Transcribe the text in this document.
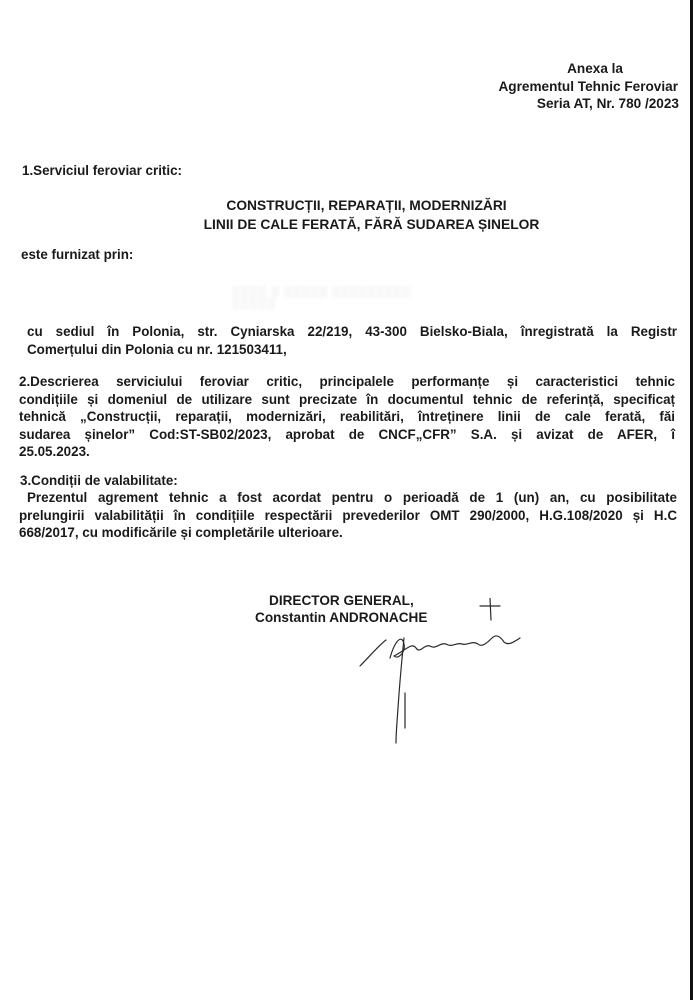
Anexa la
Agrementul Tehnic Feroviar
Seria AT, Nr. 780 /2023
1.Serviciul feroviar critic:
CONSTRUCȚII, REPARAȚII, MODERNIZĂRI
LINII DE CALE FERATĂ, FĂRĂ SUDAREA ȘINELOR
este furnizat prin:
▒▒▒▒ ▒ ▒▒▒▒▒ ▒▒▒▒▒▒▒▒▒ ▒▒▒▒▒
cu sediul în Polonia, str. Cyniarska 22/219, 43-300 Bielsko-Biala, înregistrată la Registr
Comerțului din Polonia cu nr. 121503411,
2.Descrierea serviciului feroviar critic, principalele performanțe și caracteristici tehnic
condițiile și domeniul de utilizare sunt precizate în documentul tehnic de referință, specificaț
tehnică „Construcții, reparații, modernizări, reabilitări, întreținere linii de cale ferată, făi
sudarea șinelor” Cod:ST-SB02/2023, aprobat de CNCF„CFR” S.A. și avizat de AFER, î
25.05.2023.
3.Condiții de valabilitate:
Prezentul agrement tehnic a fost acordat pentru o perioadă de 1 (un) an, cu posibilitate
prelungirii valabilității în condițiile respectării prevederilor OMT 290/2000, H.G.108/2020 și H.C
668/2017, cu modificările și completările ulterioare.
DIRECTOR GENERAL,
Constantin ANDRONACHE
